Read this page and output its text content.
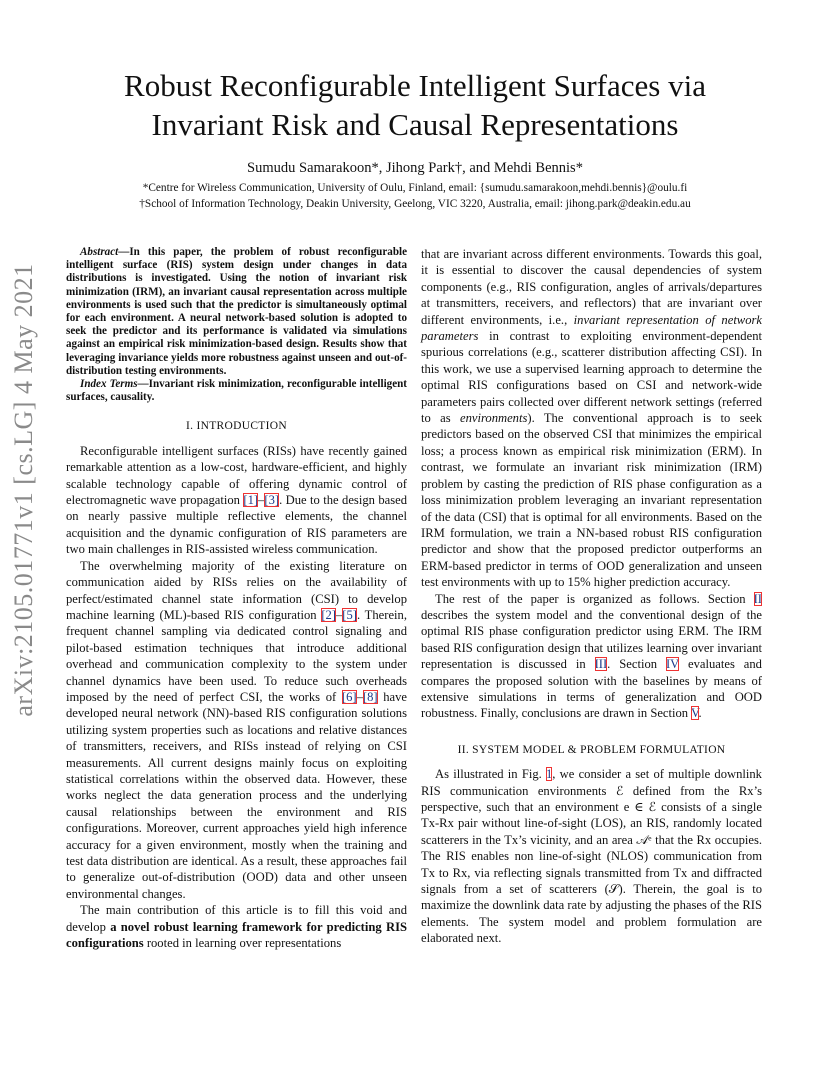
arXiv:2105.01771v1 [cs.LG] 4 May 2021
Robust Reconfigurable Intelligent Surfaces via Invariant Risk and Causal Representations
Sumudu Samarakoon*, Jihong Park†, and Mehdi Bennis*
*Centre for Wireless Communication, University of Oulu, Finland, email: {sumudu.samarakoon,mehdi.bennis}@oulu.fi
†School of Information Technology, Deakin University, Geelong, VIC 3220, Australia, email: jihong.park@deakin.edu.au

Abstract—In this paper, the problem of robust reconfigurable intelligent surface (RIS) system design under changes in data distributions is investigated. Using the notion of invariant risk minimization (IRM), an invariant causal representation across multiple environments is used such that the predictor is simultaneously optimal for each environment. A neural network-based solution is adopted to seek the predictor and its performance is validated via simulations against an empirical risk minimization-based design. Results show that leveraging invariance yields more robustness against unseen and out-of-distribution testing environments.

Index Terms—Invariant risk minimization, reconfigurable intelligent surfaces, causality.

I. INTRODUCTION

Reconfigurable intelligent surfaces (RISs) have recently gained remarkable attention as a low-cost, hardware-efficient, and highly scalable technology capable of offering dynamic control of electromagnetic wave propagation [1]–[3]. Due to the design based on nearly passive multiple reflective elements, the channel acquisition and the dynamic configuration of RIS parameters are two main challenges in RIS-assisted wireless communication.

The overwhelming majority of the existing literature on communication aided by RISs relies on the availability of perfect/estimated channel state information (CSI) to develop machine learning (ML)-based RIS configuration [2]–[5]. Therein, frequent channel sampling via dedicated control signaling and pilot-based estimation techniques that introduce additional overhead and communication complexity to the system under channel dynamics have been used. To reduce such overheads imposed by the need of perfect CSI, the works of [6]–[8] have developed neural network (NN)-based RIS configuration solutions utilizing system properties such as locations and relative distances of transmitters, receivers, and RISs instead of relying on CSI measurements. All current designs mainly focus on exploiting statistical correlations within the observed data. However, these works neglect the data generation process and the underlying causal relationships between the environment and RIS configurations. Moreover, current approaches yield high inference accuracy for a given environment, mostly when the training and test data distribution are identical. As a result, these approaches fail to generalize out-of-distribution (OOD) data and other unseen environmental changes.

The main contribution of this article is to fill this void and develop a novel robust learning framework for predicting RIS configurations rooted in learning over representations

that are invariant across different environments. Towards this goal, it is essential to discover the causal dependencies of system components (e.g., RIS configuration, angles of arrivals/departures at transmitters, receivers, and reflectors) that are invariant over different environments, i.e., invariant representation of network parameters in contrast to exploiting environment-dependent spurious correlations (e.g., scatterer distribution affecting CSI). In this work, we use a supervised learning approach to determine the optimal RIS configurations based on CSI and network-wide parameters pairs collected over different network settings (referred to as environments). The conventional approach is to seek predictors based on the observed CSI that minimizes the empirical loss; a process known as empirical risk minimization (ERM). In contrast, we formulate an invariant risk minimization (IRM) problem by casting the prediction of RIS phase configuration as a loss minimization problem leveraging an invariant representation of the data (CSI) that is optimal for all environments. Based on the IRM formulation, we train a NN-based robust RIS configuration predictor and show that the proposed predictor outperforms an ERM-based predictor in terms of OOD generalization and unseen test environments with up to 15% higher prediction accuracy.

The rest of the paper is organized as follows. Section II describes the system model and the conventional design of the optimal RIS phase configuration predictor using ERM. The IRM based RIS configuration design that utilizes learning over invariant representation is discussed in III. Section IV evaluates and compares the proposed solution with the baselines by means of extensive simulations in terms of generalization and OOD robustness. Finally, conclusions are drawn in Section V.

II. SYSTEM MODEL & PROBLEM FORMULATION

As illustrated in Fig. 1, we consider a set of multiple downlink RIS communication environments ℰ defined from the Rx’s perspective, such that an environment e ∈ ℰ consists of a single Tx-Rx pair without line-of-sight (LOS), an RIS, randomly located scatterers in the Tx’s vicinity, and an area 𝒜ᵉ that the Rx occupies. The RIS enables non line-of-sight (NLOS) communication from Tx to Rx, via reflecting signals transmitted from Tx and diffracted signals from a set of scatterers (𝒮). Therein, the goal is to maximize the downlink data rate by adjusting the phases of the RIS elements. The system model and problem formulation are elaborated next.
